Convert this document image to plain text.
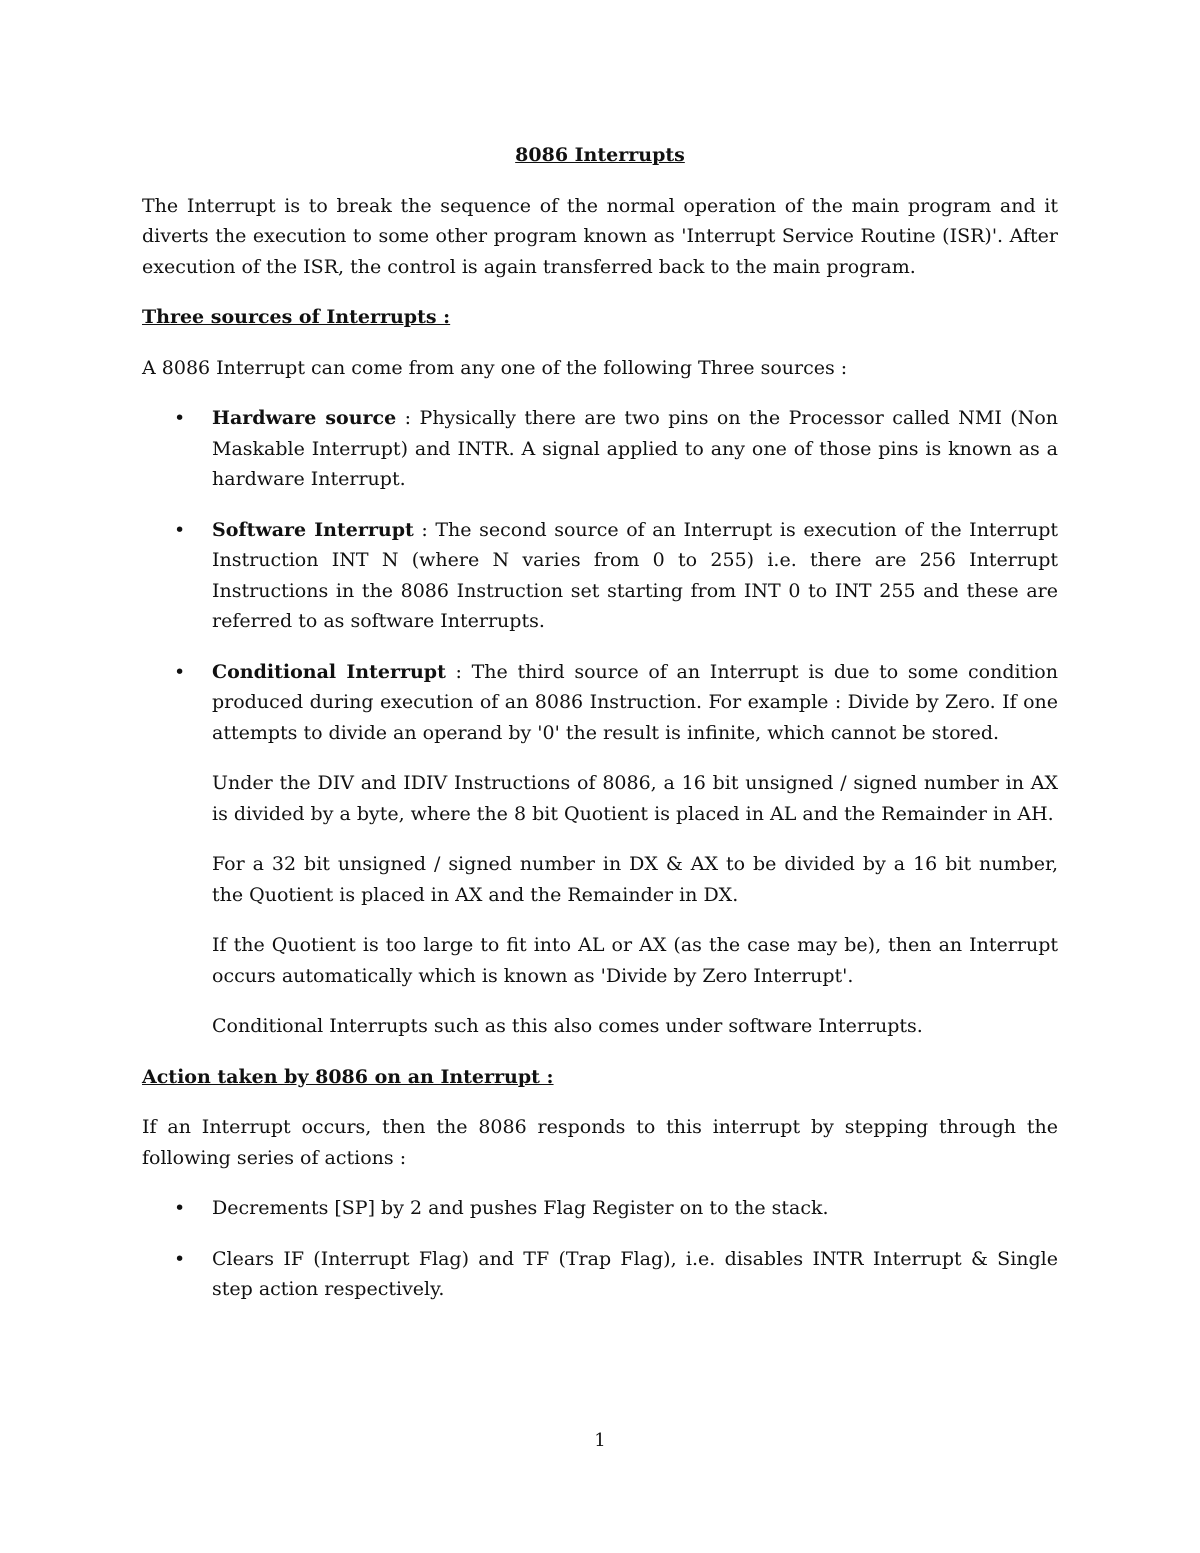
8086 Interrupts
The Interrupt is to break the sequence of the normal operation of the main program and it diverts the execution to some other program known as 'Interrupt Service Routine (ISR)'. After execution of the ISR, the control is again transferred back to the main program.
Three sources of Interrupts :
A 8086 Interrupt can come from any one of the following Three sources :
• Hardware source : Physically there are two pins on the Processor called NMI (Non Maskable Interrupt) and INTR. A signal applied to any one of those pins is known as a hardware Interrupt.
• Software Interrupt : The second source of an Interrupt is execution of the Interrupt Instruction INT N (where N varies from 0 to 255) i.e. there are 256 Interrupt Instructions in the 8086 Instruction set starting from INT 0 to INT 255 and these are referred to as software Interrupts.
• Conditional Interrupt : The third source of an Interrupt is due to some condition produced during execution of an 8086 Instruction. For example : Divide by Zero. If one attempts to divide an operand by '0' the result is infinite, which cannot be stored.
Under the DIV and IDIV Instructions of 8086, a 16 bit unsigned / signed number in AX is divided by a byte, where the 8 bit Quotient is placed in AL and the Remainder in AH.
For a 32 bit unsigned / signed number in DX & AX to be divided by a 16 bit number, the Quotient is placed in AX and the Remainder in DX.
If the Quotient is too large to fit into AL or AX (as the case may be), then an Interrupt occurs automatically which is known as 'Divide by Zero Interrupt'.
Conditional Interrupts such as this also comes under software Interrupts.
Action taken by 8086 on an Interrupt :
If an Interrupt occurs, then the 8086 responds to this interrupt by stepping through the following series of actions :
• Decrements [SP] by 2 and pushes Flag Register on to the stack.
• Clears IF (Interrupt Flag) and TF (Trap Flag), i.e. disables INTR Interrupt & Single step action respectively.
1
